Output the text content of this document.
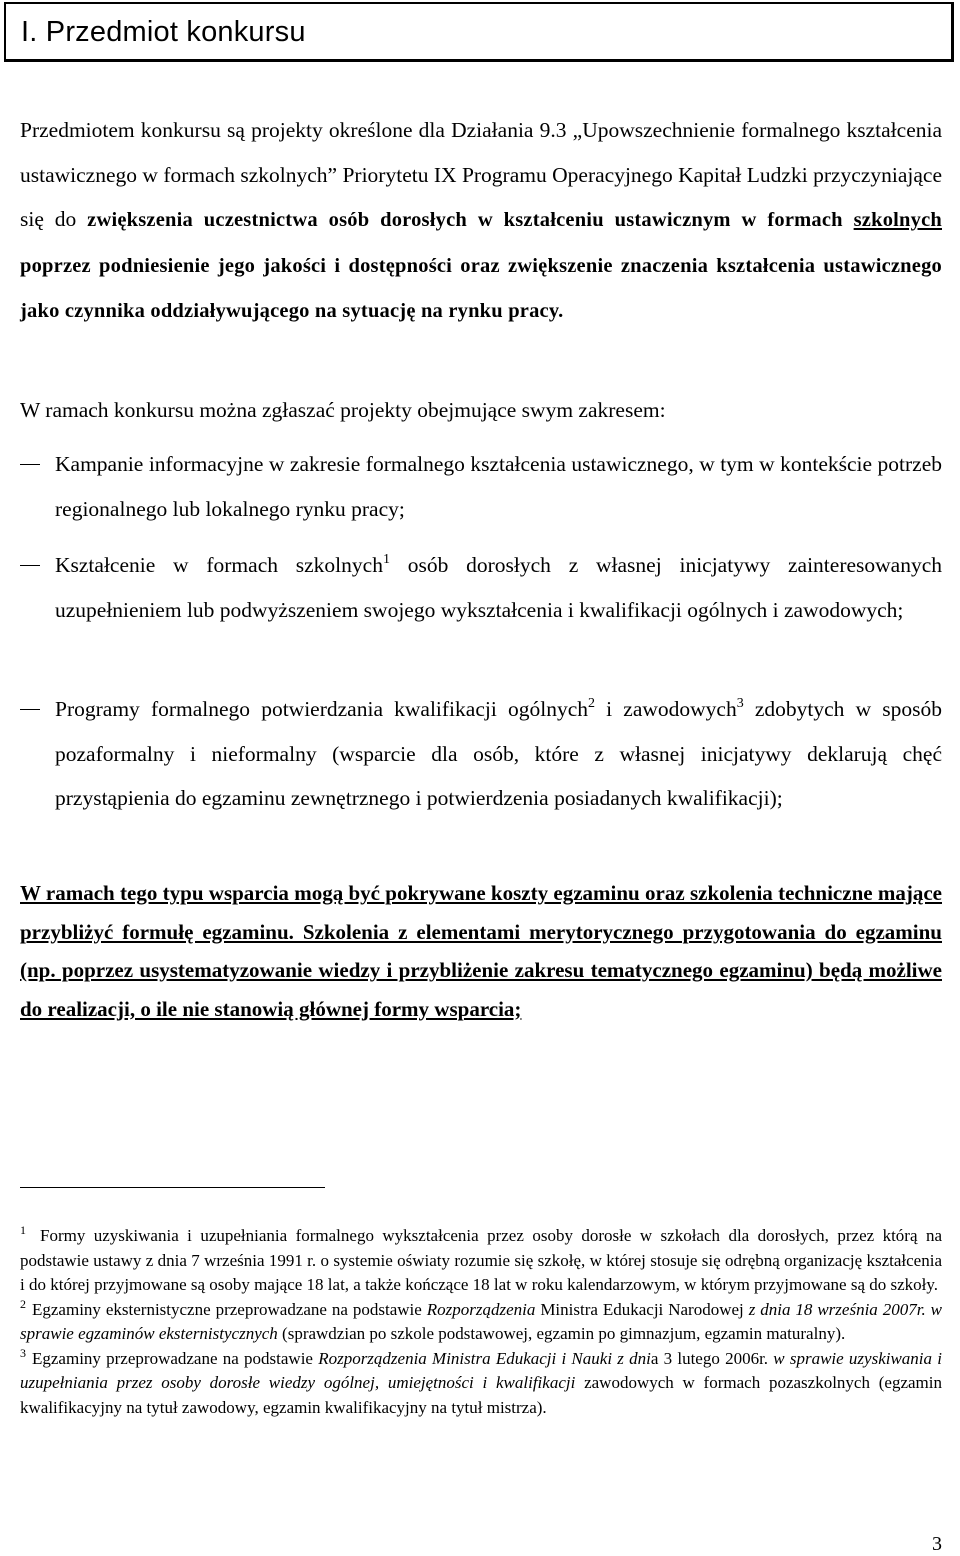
I. Przedmiot konkursu

Przedmiotem konkursu są projekty określone dla Działania 9.3 „Upowszechnienie formalnego kształcenia ustawicznego w formach szkolnych” Priorytetu IX Programu Operacyjnego Kapitał Ludzki przyczyniające się do zwiększenia uczestnictwa osób dorosłych w kształceniu ustawicznym w formach szkolnych poprzez podniesienie jego jakości i dostępności oraz zwiększenie znaczenia kształcenia ustawicznego jako czynnika oddziaływującego na sytuację na rynku pracy.

W ramach konkursu można zgłaszać projekty obejmujące swym zakresem:

Kampanie informacyjne w zakresie formalnego kształcenia ustawicznego, w tym w kontekście potrzeb regionalnego lub lokalnego rynku pracy;

Kształcenie w formach szkolnych$^1$ osób dorosłych z własnej inicjatywy zainteresowanych uzupełnieniem lub podwyższeniem swojego wykształcenia i kwalifikacji ogólnych i zawodowych;

Programy formalnego potwierdzania kwalifikacji ogólnych$^2$ i zawodowych$^3$ zdobytych w sposób pozaformalny i nieformalny (wsparcie dla osób, które z własnej inicjatywy deklarują chęć przystąpienia do egzaminu zewnętrznego i potwierdzenia posiadanych kwalifikacji);

W ramach tego typu wsparcia mogą być pokrywane koszty egzaminu oraz szkolenia techniczne mające przybliżyć formułę egzaminu. Szkolenia z elementami merytorycznego przygotowania do egzaminu (np. poprzez usystematyzowanie wiedzy i przybliżenie zakresu tematycznego egzaminu) będą możliwe do realizacji, o ile nie stanowią głównej formy wsparcia;

$^1$ Formy uzyskiwania i uzupełniania formalnego wykształcenia przez osoby dorosłe w szkołach dla dorosłych, przez którą na podstawie ustawy z dnia 7 września 1991 r. o systemie oświaty rozumie się szkołę, w której stosuje się odrębną organizację kształcenia i do której przyjmowane są osoby mające 18 lat, a także kończące 18 lat w roku kalendarzowym, w którym przyjmowane są do szkoły.

$^2$ Egzaminy eksternistyczne przeprowadzane na podstawie Rozporządzenia Ministra Edukacji Narodowej z dnia 18 września 2007r. w sprawie egzaminów eksternistycznych (sprawdzian po szkole podstawowej, egzamin po gimnazjum, egzamin maturalny).

$^3$ Egzaminy przeprowadzane na podstawie Rozporządzenia Ministra Edukacji i Nauki z dnia 3 lutego 2006r. w sprawie uzyskiwania i uzupełniania przez osoby dorosłe wiedzy ogólnej, umiejętności i kwalifikacji zawodowych w formach pozaszkolnych (egzamin kwalifikacyjny na tytuł zawodowy, egzamin kwalifikacyjny na tytuł mistrza).

3
